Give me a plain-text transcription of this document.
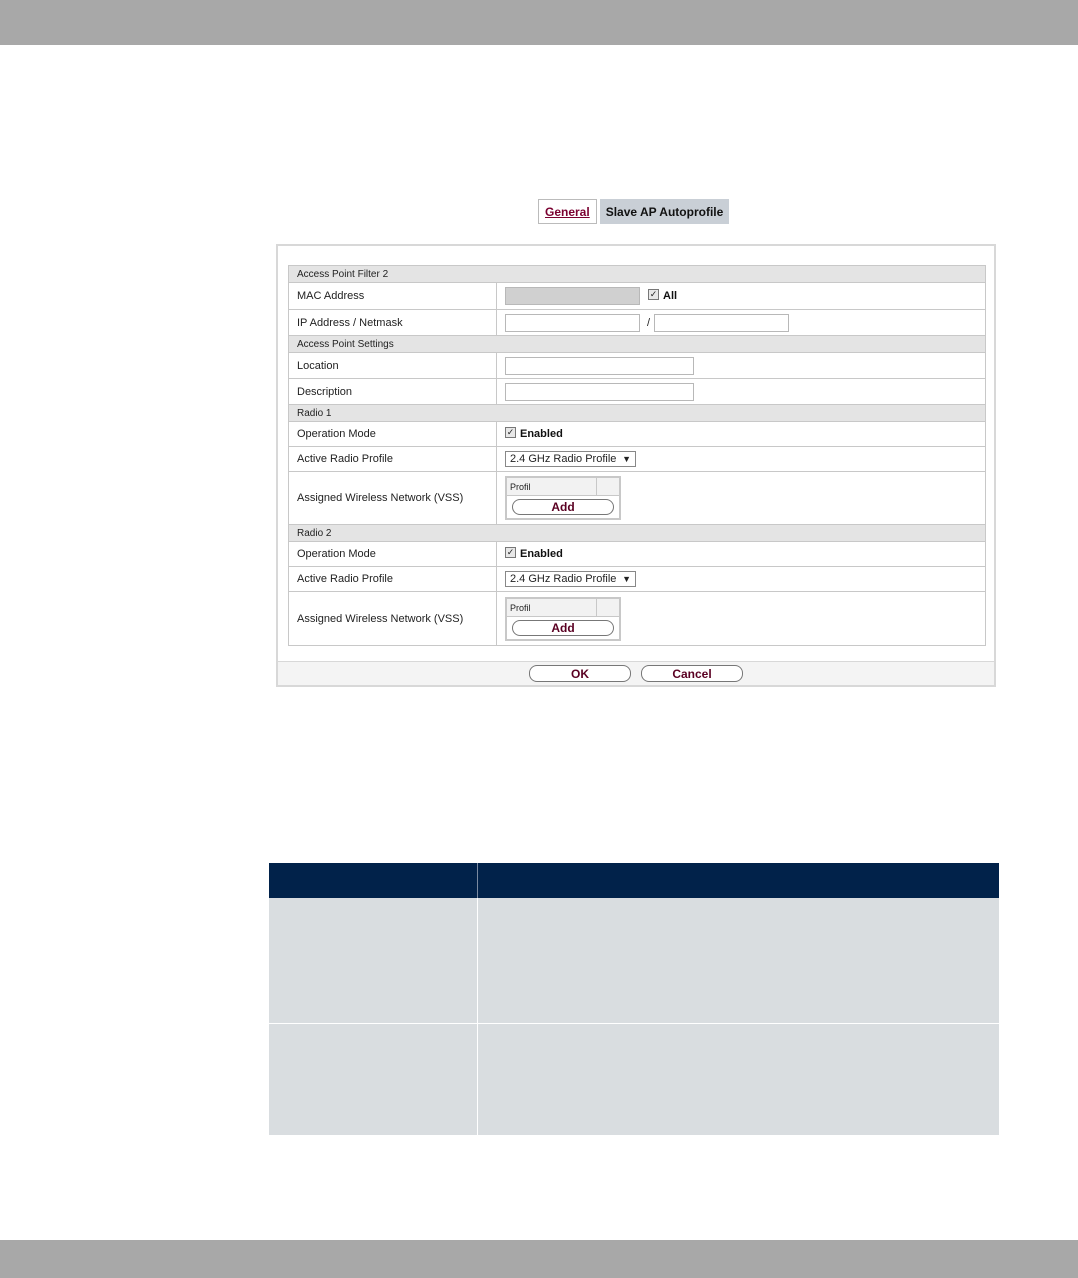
General	Slave AP Autoprofile
Access Point Filter 2
MAC Address	✓ All
IP Address / Netmask	/
Access Point Settings
Location
Description
Radio 1
Operation Mode	✓ Enabled
Active Radio Profile	2.4 GHz Radio Profile ▼
Assigned Wireless Network (VSS)
Profil
Add
Radio 2
Operation Mode	✓ Enabled
Active Radio Profile	2.4 GHz Radio Profile ▼
Assigned Wireless Network (VSS)
Profil
Add
OK	Cancel
